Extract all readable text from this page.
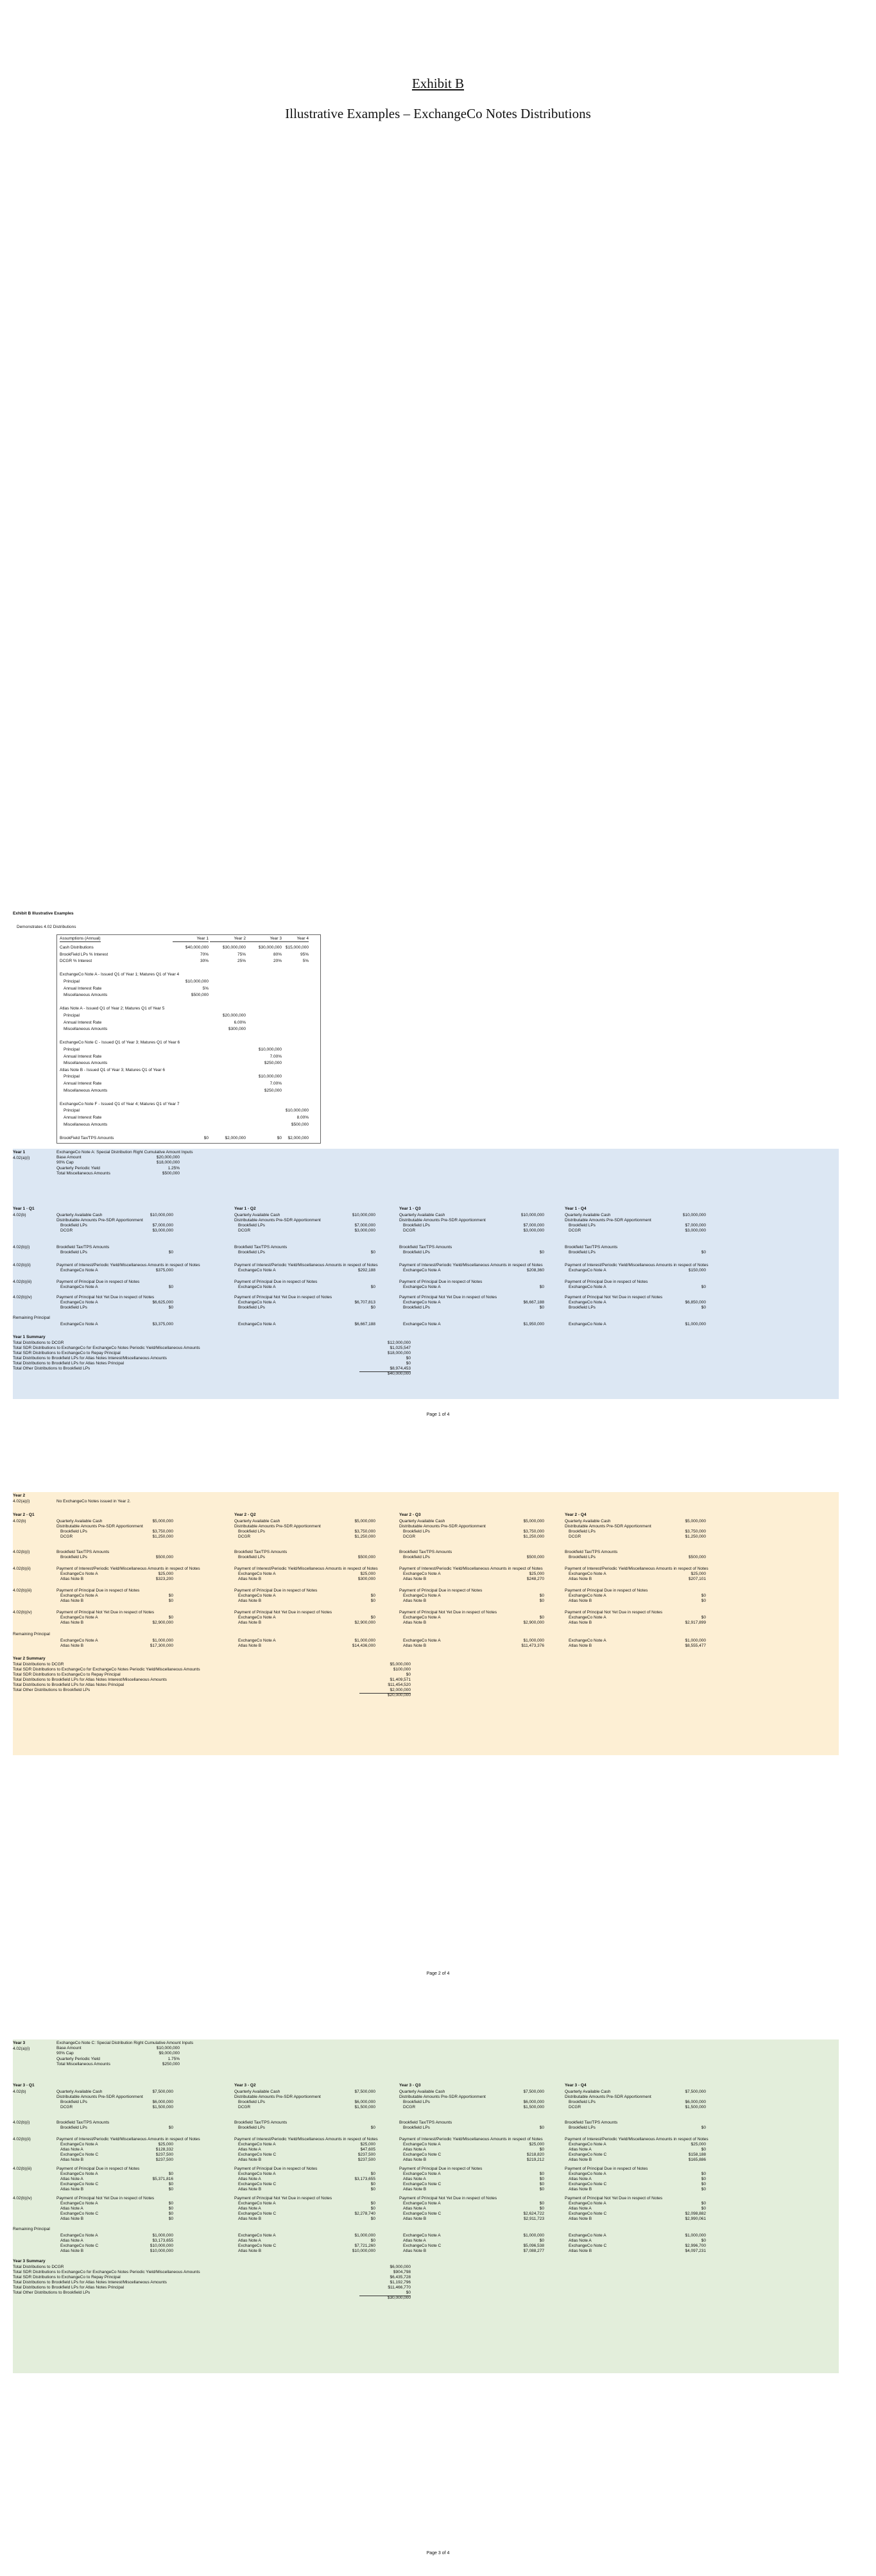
Exhibit B
Illustrative Examples – ExchangeCo Notes Distributions
Exhibit B Illustrative Examples
Demonstrates 4.02 Distributions
Assumptions (Annual)	Year 1	Year 2	Year 3	Year 4
Cash Distributions	$40,000,000	$30,000,000	$30,000,000 $15,000,000
BrookField LPs % Interest	70%	75%	80%	95%
DCGR % Interest	30%	25%	20%	5%
ExchangeCo Note A - Issued Q1 of Year 1; Matures Q1 of Year 4
Principal	$10,000,000
Annual Interest Rate	5%
Miscellaneous Amounts	$500,000
Atlas Note A - Issued Q1 of Year 2; Matures Q1 of Year 5
Principal	$20,000,000
Annual Interest Rate	6.00%
Miscellaneous Amounts	$300,000
ExchangeCo Note C - Issued Q1 of Year 3; Matures Q1 of Year 6
Principal	$10,000,000
Annual Interest Rate	7.00%
Miscellaneous Amounts	$250,000
Atlas Note B - Issued Q1 of Year 3; Matures Q1 of Year 6
Principal	$10,000,000
Annual Interest Rate	7.00%
Miscellaneous Amounts	$250,000
ExchangeCo Note F - Issued Q1 of Year 4; Matures Q1 of Year 7
Principal	$10,000,000
Annual Interest Rate	8.00%
Miscellaneous Amounts	$500,000
BrookField Tax/TPS Amounts	$0	$2,000,000	$0	$2,000,000
Year 1
4.02(a)(i)
ExchangeCo Note A: Special Distribution Right Cumulative Amount Inputs
Base Amount	$20,000,000
90% Cap	$18,000,000
Quarterly Periodic Yield	1.25%
Total Miscellaneous Amounts	$500,000
Year 1 - Q1
4.02(b)	Quarterly Available Cash	$10,000,000
Distributable Amounts Pre-SDR Apportionment
Brookfield LPs	$7,000,000
DCGR	$3,000,000
4.02(b)(i)	Brookfield Tax/TPS Amounts
Brookfield LPs	$0
4.02(b)(ii)	Payment of Interest/Periodic Yield/Miscellaneous Amounts in respect of Notes
ExchangeCo Note A	$375,000
4.02(b)(iii)	Payment of Principal Due in respect of Notes
ExchangeCo Note A	$0
4.02(b)(iv)	Payment of Principal Not Yet Due in respect of Notes
ExchangeCo Note A	$6,625,000
Brookfield LPs	$0
Remaining Principal
ExchangeCo Note A	$3,375,000
Year 1 - Q2
Quarterly Available Cash	$10,000,000
Distributable Amounts Pre-SDR Apportionment
Brookfield LPs	$7,000,000
DCGR	$3,000,000
Brookfield Tax/TPS Amounts
Brookfield LPs	$0
Payment of Interest/Periodic Yield/Miscellaneous Amounts in respect of Notes
ExchangeCo Note A	$292,188
Payment of Principal Due in respect of Notes
ExchangeCo Note A	$0
Payment of Principal Not Yet Due in respect of Notes
ExchangeCo Note A	$6,707,813
Brookfield LPs	$0
ExchangeCo Note A	$6,667,188
Year 1 - Q3
Quarterly Available Cash	$10,000,000
Distributable Amounts Pre-SDR Apportionment
Brookfield LPs	$7,000,000
DCGR	$3,000,000
Brookfield Tax/TPS Amounts
Brookfield LPs	$0
Payment of Interest/Periodic Yield/Miscellaneous Amounts in respect of Notes
ExchangeCo Note A	$208,360
Payment of Principal Due in respect of Notes
ExchangeCo Note A	$0
Payment of Principal Not Yet Due in respect of Notes
ExchangeCo Note A	$6,667,188
Brookfield LPs	$0
ExchangeCo Note A	$1,950,000
Year 1 - Q4
Quarterly Available Cash	$10,000,000
Distributable Amounts Pre-SDR Apportionment
Brookfield LPs	$7,000,000
DCGR	$3,000,000
Brookfield Tax/TPS Amounts
Brookfield LPs	$0
Payment of Interest/Periodic Yield/Miscellaneous Amounts in respect of Notes
ExchangeCo Note A	$150,000
Payment of Principal Due in respect of Notes
ExchangeCo Note A	$0
Payment of Principal Not Yet Due in respect of Notes
ExchangeCo Note A	$6,850,000
Brookfield LPs	$0
ExchangeCo Note A	$1,000,000
Year 1 Summary
Total Distributions to DCGR	$12,000,000
Total SDR Distributions to ExchangeCo for ExchangeCo Notes Periodic Yield/Miscellaneous Amounts	$1,025,547
Total SDR Distributions to ExchangeCo to Repay Principal	$18,000,000
Total Distributions to Brookfield LPs for Atlas Notes Interest/Miscellaneous Amounts	$0
Total Distributions to Brookfield LPs for Atlas Notes Principal	$0
Total Other Distributions to Brookfield LPs	$8,974,453
$40,000,000
Page 1 of 4
Year 2
4.02(a)(i)	No ExchangeCo Notes issued in Year 2.
Year 2 - Q1
4.02(b)	Quarterly Available Cash	$5,000,000
Distributable Amounts Pre-SDR Apportionment
Brookfield LPs	$3,750,000
DCGR	$1,250,000
4.02(b)(i)	Brookfield Tax/TPS Amounts
Brookfield LPs	$500,000
4.02(b)(ii)	Payment of Interest/Periodic Yield/Miscellaneous Amounts in respect of Notes
ExchangeCo Note A	$25,000
Atlas Note B	$323,200
4.02(b)(iii)	Payment of Principal Due in respect of Notes
ExchangeCo Note A	$0
Atlas Note B	$0
4.02(b)(iv)	Payment of Principal Not Yet Due in respect of Notes
ExchangeCo Note A	$0
Atlas Note B	$2,900,000
Remaining Principal
ExchangeCo Note A	$1,000,000
Atlas Note B	$17,300,000
Year 2 - Q2
Quarterly Available Cash	$5,000,000
Distributable Amounts Pre-SDR Apportionment
Brookfield LPs	$3,750,000
DCGR	$1,250,000
Brookfield Tax/TPS Amounts
Brookfield LPs	$500,000
Payment of Interest/Periodic Yield/Miscellaneous Amounts in respect of Notes
ExchangeCo Note A	$25,000
Atlas Note B	$300,000
Payment of Principal Due in respect of Notes
ExchangeCo Note A	$0
Atlas Note B	$0
Payment of Principal Not Yet Due in respect of Notes
ExchangeCo Note A	$0
Atlas Note B	$2,900,000
ExchangeCo Note A	$1,000,000
Atlas Note B	$14,436,000
Year 2 - Q3
Quarterly Available Cash	$5,000,000
Distributable Amounts Pre-SDR Apportionment
Brookfield LPs	$3,750,000
DCGR	$1,250,000
Brookfield Tax/TPS Amounts
Brookfield LPs	$500,000
Payment of Interest/Periodic Yield/Miscellaneous Amounts in respect of Notes
ExchangeCo Note A	$25,000
Atlas Note B	$248,270
Payment of Principal Due in respect of Notes
ExchangeCo Note A	$0
Atlas Note B	$0
Payment of Principal Not Yet Due in respect of Notes
ExchangeCo Note A	$0
Atlas Note B	$2,900,000
ExchangeCo Note A	$1,000,000
Atlas Note B	$11,473,376
Year 2 - Q4
Quarterly Available Cash	$5,000,000
Distributable Amounts Pre-SDR Apportionment
Brookfield LPs	$3,750,000
DCGR	$1,250,000
Brookfield Tax/TPS Amounts
Brookfield LPs	$500,000
Payment of Interest/Periodic Yield/Miscellaneous Amounts in respect of Notes
ExchangeCo Note A	$25,000
Atlas Note B	$207,101
Payment of Principal Due in respect of Notes
ExchangeCo Note A	$0
Atlas Note B	$0
Payment of Principal Not Yet Due in respect of Notes
ExchangeCo Note A	$0
Atlas Note B	$2,917,899
ExchangeCo Note A	$1,000,000
Atlas Note B	$8,555,477
Year 2 Summary
Total Distributions to DCGR	$5,000,000
Total SDR Distributions to ExchangeCo for ExchangeCo Notes Periodic Yield/Miscellaneous Amounts	$100,000
Total SDR Distributions to ExchangeCo to Repay Principal	$0
Total Distributions to Brookfield LPs for Atlas Notes Interest/Miscellaneous Amounts	$1,409,571
Total Distributions to Brookfield LPs for Atlas Notes Principal	$11,454,520
Total Other Distributions to Brookfield LPs	$2,000,000
$20,000,000
Page 2 of 4
Year 3
4.02(a)(i)
ExchangeCo Note C: Special Distribution Right Cumulative Amount Inputs
Base Amount	$10,000,000
90% Cap	$9,000,000
Quarterly Periodic Yield	1.75%
Total Miscellaneous Amounts	$250,000
Year 3 - Q1
4.02(b)	Quarterly Available Cash	$7,500,000
Distributable Amounts Pre-SDR Apportionment
Brookfield LPs	$6,000,000
DCGR	$1,500,000
4.02(b)(i)	Brookfield Tax/TPS Amounts
Brookfield LPs	$0
4.02(b)(ii)	Payment of Interest/Periodic Yield/Miscellaneous Amounts in respect of Notes
ExchangeCo Note A	$25,000
Atlas Note A	$128,332
ExchangeCo Note C	$237,500
Atlas Note B	$237,500
4.02(b)(iii)	Payment of Principal Due in respect of Notes
ExchangeCo Note A	$0
Atlas Note A	$5,371,816
ExchangeCo Note C	$0
Atlas Note B	$0
4.02(b)(iv)	Payment of Principal Not Yet Due in respect of Notes
ExchangeCo Note A	$0
Atlas Note A	$0
ExchangeCo Note C	$0
Atlas Note B	$0
Remaining Principal
ExchangeCo Note A	$1,000,000
Atlas Note A	$3,173,655
ExchangeCo Note C	$10,000,000
Atlas Note B	$10,000,000
Year 3 - Q2
Quarterly Available Cash	$7,500,000
Distributable Amounts Pre-SDR Apportionment
Brookfield LPs	$6,000,000
DCGR	$1,500,000
Brookfield Tax/TPS Amounts
Brookfield LPs	$0
Payment of Interest/Periodic Yield/Miscellaneous Amounts in respect of Notes
ExchangeCo Note A	$25,000
Atlas Note A	$47,605
ExchangeCo Note C	$237,500
Atlas Note B	$237,500
Payment of Principal Due in respect of Notes
ExchangeCo Note A	$0
Atlas Note A	$3,173,655
ExchangeCo Note C	$0
Atlas Note B	$0
Payment of Principal Not Yet Due in respect of Notes
ExchangeCo Note A	$0
Atlas Note A	$0
ExchangeCo Note C	$2,278,740
Atlas Note B	$0
ExchangeCo Note A	$1,000,000
Atlas Note A	$0
ExchangeCo Note C	$7,721,260
Atlas Note B	$10,000,000
Year 3 - Q3
Quarterly Available Cash	$7,500,000
Distributable Amounts Pre-SDR Apportionment
Brookfield LPs	$6,000,000
DCGR	$1,500,000
Brookfield Tax/TPS Amounts
Brookfield LPs	$0
Payment of Interest/Periodic Yield/Miscellaneous Amounts in respect of Notes
ExchangeCo Note A	$25,000
Atlas Note A	$0
ExchangeCo Note C	$218,820
Atlas Note B	$219,212
Payment of Principal Due in respect of Notes
ExchangeCo Note A	$0
Atlas Note A	$0
ExchangeCo Note C	$0
Atlas Note B	$0
Payment of Principal Not Yet Due in respect of Notes
ExchangeCo Note A	$0
Atlas Note A	$0
ExchangeCo Note C	$2,624,722
Atlas Note B	$2,911,723
ExchangeCo Note A	$1,000,000
Atlas Note A	$0
ExchangeCo Note C	$5,096,538
Atlas Note B	$7,088,277
Year 3 - Q4
Quarterly Available Cash	$7,500,000
Distributable Amounts Pre-SDR Apportionment
Brookfield LPs	$6,000,000
DCGR	$1,500,000
Brookfield Tax/TPS Amounts
Brookfield LPs	$0
Payment of Interest/Periodic Yield/Miscellaneous Amounts in respect of Notes
ExchangeCo Note A	$25,000
Atlas Note A	$0
ExchangeCo Note C	$158,188
Atlas Note B	$165,886
Payment of Principal Due in respect of Notes
ExchangeCo Note A	$0
Atlas Note A	$0
ExchangeCo Note C	$0
Atlas Note B	$0
Payment of Principal Not Yet Due in respect of Notes
ExchangeCo Note A	$0
Atlas Note A	$0
ExchangeCo Note C	$2,098,882
Atlas Note B	$2,990,061
ExchangeCo Note A	$1,000,000
Atlas Note A	$0
ExchangeCo Note C	$2,996,700
Atlas Note B	$4,097,231
Year 3 Summary
Total Distributions to DCGR	$6,000,000
Total SDR Distributions to ExchangeCo for ExchangeCo Notes Periodic Yield/Miscellaneous Amounts	$904,798
Total SDR Distributions to ExchangeCo to Repay Principal	$6,435,728
Total Distributions to Brookfield LPs for Atlas Notes Interest/Miscellaneous Amounts	$1,192,796
Total Distributions to Brookfield LPs for Atlas Notes Principal	$11,466,770
Total Other Distributions to Brookfield LPs	$0
$30,000,000
Page 3 of 4
